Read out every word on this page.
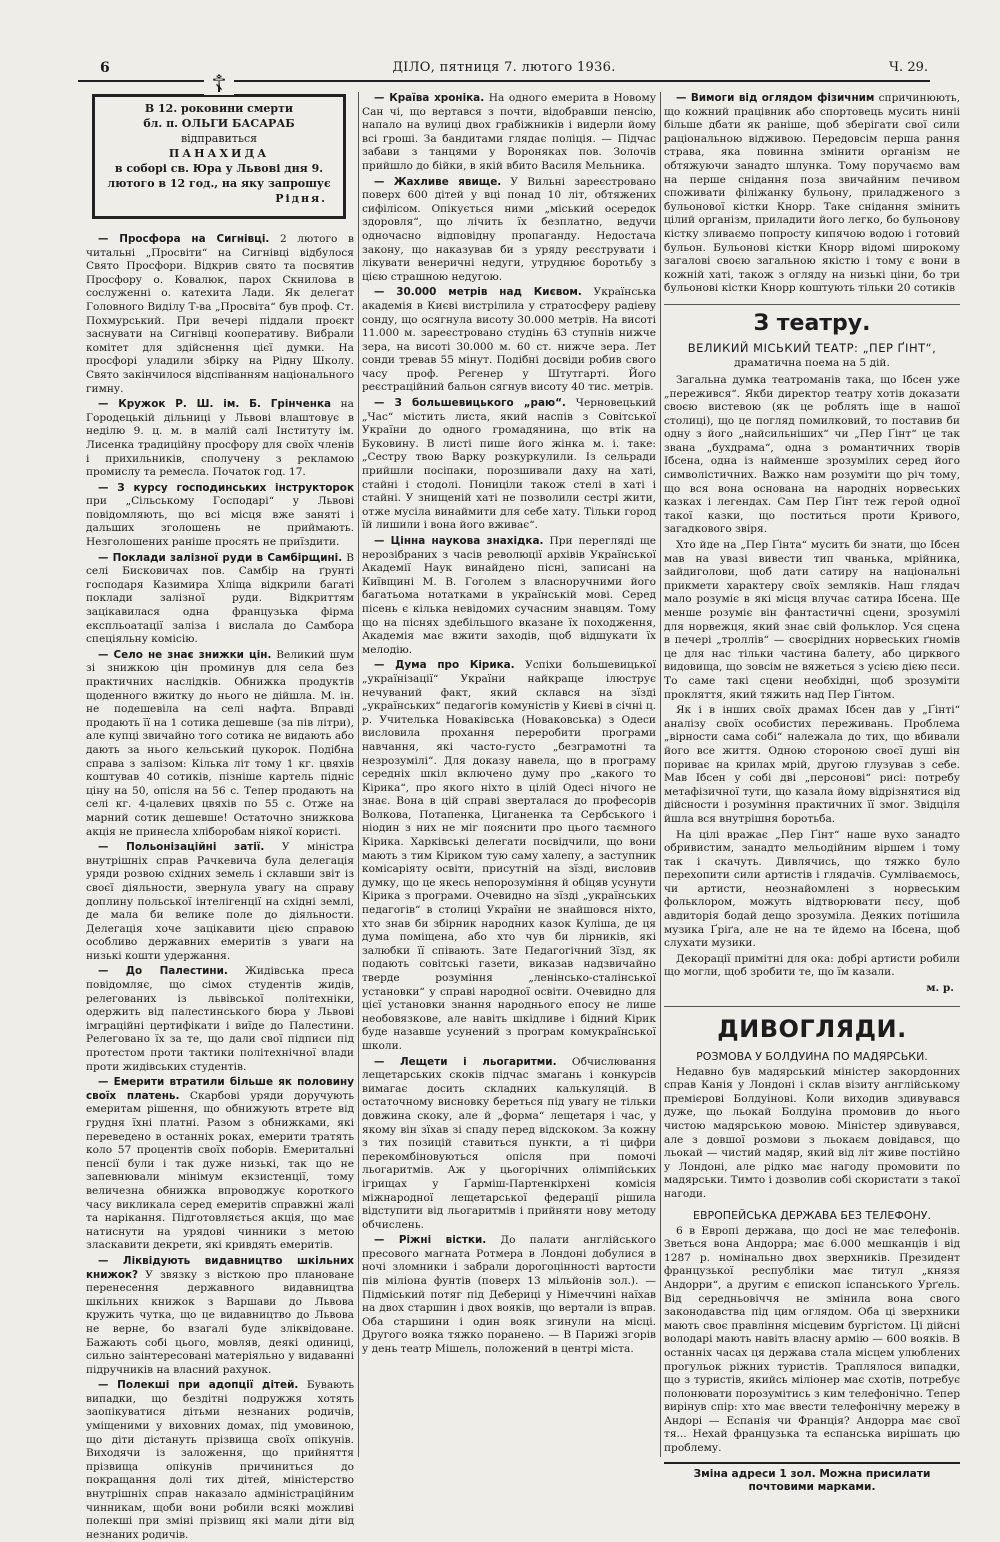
6	ДІЛО, пятниця 7. лютого 1936.	Ч. 29.
☦
В 12. роковини смерти
бл. п. ОЛЬГИ БАСАРАБ
відправиться
ПАНАХИДА
в соборі св. Юра у Львові дня 9. лютого в 12 год., на яку запрошує
Рідня.

— Просфора на Сигнівці. 2 лютого в читальні „Просвіти“ на Сигнівці відбулося Свято Просфори. Відкрив свято та посвятив Просфору о. Ковалюк, парох Скнилова в сослуженні о. катехита Лади. Як делегат Головного Виділу Т-ва „Просвіта“ був проф. Ст. Похмурський. При вечері піддали проєкт заснувати на Сигнівці кооперативу. Вибрали комітет для здійснення цієї думки. На просфорі уладили збірку на Рідну Школу. Свято закінчилося відспіванням національного гимну.

— Кружок Р. Ш. ім. Б. Грінченка на Городецькій дільниці у Львові влаштовує в неділю 9. ц. м. в малій салі Інституту ім. Лисенка традиційну просфору для своїх членів і прихильників, сполучену з рекламою промислу та ремесла. Початок год. 17.

— З курсу господинських інструкторок при „Сільському Господарі“ у Львові повідомляють, що всі місця вже заняті і дальших зголошень не приймають. Незголошених раніше просять не приїздити.

— Поклади залізної руди в Самбірщині. В селі Бисковичах пов. Самбір на ґрунті господаря Казимира Хліща відкрили багаті поклади залізної руди. Відкриттям зацікавилася одна французька фірма експльоатації заліза і вислала до Самбора спеціяльну комісію.

— Село не знає знижки цін. Великий шум зі знижкою цін проминув для села без практичних наслідків. Обнижка продуктів щоденного вжитку до нього не дійшла. М. ін. не подешевіла на селі нафта. Вправді продають її на 1 сотика дешевше (за пів літри), але купці звичайно того сотика не видають або дають за нього кельський цукорок. Подібна справа з залізом: Кілька літ тому 1 кг. цвяхів коштував 40 сотиків, пізніше картель підніс ціну на 50, опісля на 56 с. Тепер продають на селі кг. 4-цалевих цвяхів по 55 с. Отже на марний сотик дешевше! Остаточно знижкова акція не принесла хліборобам ніякої користі.

— Польонізаційні затії. У міністра внутрішніх справ Рачкевича була делегація уряди розвою східних земель і склавши звіт із своєї діяльности, звернула увагу на справу доплину польської інтелігенції на східні землі, де мала би велике поле до діяльности. Делегація хоче зацікавити цією справою особливо державних емеритів з уваги на низькі кошти удержання.

— До Палестини. Жидівська преса повідомляє, що сімох студентів жидів, релегованих із львівської політехніки, одержить від палестинського бюра у Львові імграційні цертифікати і виїде до Палестини. Релеговано їх за те, що дали свої підписи під протестом проти тактики політехнічної влади проти жидівських студентів.

— Емерити втратили більше як половину своїх платень. Скарбові уряди доручують емеритам рішення, що обнижують втрете від грудня їхні платні. Разом з обнижками, які переведено в останніх роках, емерити тратять коло 57 процентів своїх поборів. Емеритальні пенсії були і так дуже низькі, так що не запевнювали мінімум екзистенції, тому величезна обнижка впроводжує короткого часу викликала серед емеритів справжні жалі та нарікання. Підготовляється акція, що має натиснути на урядові чинники з метою зласкавити декрети, які кривдять емеритів.

— Ліквідують видавництво шкільних книжок? У звязку з вісткою про плановане перенесення державного видавництва шкільних книжок з Варшави до Львова кружить чутка, що це видавництво до Львова не верне, бо взагалі буде зліквідоване. Бажають собі цього, мовляв, деякі одиниці, сильно заінтересовані матеріяльно у видаванні підручників на власний рахунок.

— Полекші при адопції дітей. Бувають випадки, що бездітні подружжя хотять заопікуватися дітьми незнаних родичів, уміщеними у виховних домах, під умовиною, що діти дістануть прізвища своїх опікунів. Виходячи із заложення, що прийняття прізвища опікунів причиниться до покращання долі тих дітей, міністерство внутрішніх справ наказало адміністраційним чинникам, щоби вони робили всякі можливі полекші при зміні прізвищ які мали діти від незнаних родичів.

— Країва хроніка. На одного емерита в Новому Сан чі, що вертався з почти, відобравши пенсію, напало на вулиці двох грабіжників і видерли йому всі гроші. За бандитами глядає поліція. — Підчас забави з танцями у Вороняках пов. Золочів прийшло до бійки, в якій вбито Василя Мельника.

— Жахливе явище. У Вильні зареєстровано поверх 600 дітей у вці понад 10 літ, обтяжених сифілісом. Опікується ними „міський осередок здоровля“, що лічить їх безплатно, ведучи одночасно відповідну пропаганду. Недостача закону, що наказував би з уряду реєструвати і лікувати венеричні недуги, утруднює боротьбу з цією страшною недугою.

— 30.000 метрів над Києвом. Українська академія в Києві вистрілила у стратосферу радіеву сонду, що осягнула висоту 30.000 метрів. На висоті 11.000 м. зареєстровано студінь 63 ступнів нижче зера, на висоті 30.000 м. 60 ст. нижче зера. Лет сонди тревав 55 мінут. Подібні досвіди робив свого часу проф. Регенер у Штутгарті. Його реєстраційний бальон сягнув висоту 40 тис. метрів.

— З большевицького „раю“. Черновецький „Час“ містить лиcта, який наспів з Совітської України до одного громадянина, що втік на Буковину. В листі пише його жінка м. і. таке: „Сестру твою Варку розкуркулили. Із сельради прийшли посіпаки, порозшивали даху на хаті, стайні і стодолі. Пониціли також стелі в хаті і стайні. У знищеній хаті не позволили сестрі жити, отже мусіла винаймити для себе хату. Тільки город їй лишили і вона його вживає“.

— Цінна наукова знахідка. При перегляді ще нерозібраних з часів революції архівів Української Академії Наук винайдено пісні, записані на Київщині М. В. Гоголем з власноручними його багатьома нотатками в українській мові. Серед пісень є кілька невідомих сучасним знавцям. Тому що на піснях здебільшого вказане їх походження, Академія має вжити заходів, щоб відшукати їх мелодію.

— Дума про Кірика. Успіхи большевицької „українізації“ України найкраще ілюструє нечуваний факт, який склався на зїзді „українських“ педагогів комуністів у Києві в січні ц. р. Учителька Новаківська (Новаковська) з Одеси висловила прохання переробити програми навчання, які часто-густо „безграмотні та незрозумілі“. Для доказу навела, що в програму середніх шкіл включено думу про „какого то Кірика“, про якого ніхто в цілій Одесі нічого не знає. Вона в цій справі зверталася до професорів Волкова, Потапенка, Циганенка та Сербського і ніодин з них не міг пояснити про цього таємного Кірика. Харківські делегати посвідчили, що вони мають з тим Кіриком тую саму халепу, а заступник комісаріяту освіти, присутній на зїзді, висловив думку, що це якесь непорозуміння й обіцяв усунути Кірика з програми. Очевидно на зїзді „українських педагогів“ в столиці України не знайшовся ніхто, хто знав би збірник народних казок Куліша, де ця дума поміщена, або хто чув би лірників, які залюбки її співають. Зате Педагогічний Зїзд, як подають совітські газети, виказав надзвичайно тверде розуміння „ленінсько-сталінської установки“ у справі народної освіти. Очевидно для цієї установки знання народнього епосу не лише необовязкове, але навіть шкідливе і бідний Кірик буде назавше усунений з програм комукраїнської школи.

— Лещети і льогаритми. Обчислювання лещетарських скоків підчас змагань і конкурсів вимагає досить складних калькуляцій. В остаточному висновку береться під увагу не тільки довжина скоку, але й „форма“ лещетаря і час, у якому він зїхав зі спаду перед відскоком. За кожну з тих позицій ставиться пункти, а ті цифри перекомбіновуються опісля при помочі льогаритмів. Аж у цьогорічних олімпійських ігрищах у Ґарміш-Партенкірхені комісія міжнародної лещетарської федерації рішила відступити від льогаритмів і прийняти нову методу обчислень.

— Ріжні вістки. До палати англійського пресового магната Ротмера в Лондоні добулися в ночі зломники і забрали дорогоцінності вартости пів міліона фунтів (поверх 13 мільйонів зол.). — Підміський потяг під Дебериці у Німеччині наїхав на двох старшин і двох вояків, що вертали із вправ. Оба старшини і один вояк згинули на місці. Другого вояка тяжко поранено. — В Парижі згорів у день театр Мішель, положений в центрі міста.

— Вимоги від оглядом фізичним спричинюють, що кожний працівник або спортовець мусить ниніі більше дбати як раніше, щоб зберігати свої сили раціональною відживою. Передовсім перша рання страва, яка повинна змінити організм не обтяжуючи занадто шлунка. Тому поручаємо вам на перше снідання поза звичайним печивом споживати філіжанку бульону, приладженого з бульонової кістки Кнорр. Таке снідання змінить цілий організм, приладити його легко, бо бульонову кістку зливаємо попросту кипячою водою і готовий бульон. Бульонові кістки Кнорр відомі широкому загалові своєю загальною якістю і тому є вони в кожній хаті, також з огляду на низькі ціни, бо три бульонові кістки Кнорр коштують тільки 20 сотиків

З театру.
ВЕЛИКИЙ МІСЬКИЙ ТЕАТР: „ПЕР ҐІНТ“,
драматична поема на 5 дій.

Загальна думка театроманів така, що Ібсен уже „пережився“. Якби директор театру хотів доказати своєю вистевою (як це роблять іще в нашої столиці), що це погляд помилковий, то поставив би одну з його „найсильніших“ чи „Пер Ґінт“ це так звана „бухдрама“, одна з романтичних творів Ібсена, одна із найменше зрозумілих серед його символістичних. Важко нам розуміти що річ тому, що вся вона основана на народніх норвеських казках і легендах. Сам Пер Ґінт теж герой одної такої казки, що поститься проти Кривого, загадкового звіря.

Хто йде на „Пер Ґінта“ мусить би знати, що Ібсен мав на увазі вивести тип чванька, мрійника, зайдиголови, щоб дати сатиру на національні прикмети характеру своїх земляків. Наш глядач мало розуміє в які місця влучає сатира Ібсена. Ще менше розуміє він фантастичні сцени, зрозумілі для норвежця, який знає свій фольклор. Уся сцена в печері „троллів“ — своєрідних норвеських ґномів це для нас тільки частина балету, або цирквого видовища, що зовсім не вяжеться з усією дією пєси. То саме такі сцени необхідні, щоб зрозуміти прокляття, який тяжить над Пер Ґінтом.

Як і в інших своїх драмах Ібсен дав у „Ґінті“ аналізу своїх особистих переживань. Проблема „вірности сама собі“ належала до тих, що вбивали його все життя. Одною стороною своєї душі він пориває на крилах мрій, другою глузував з себе. Мав Ібсен у собі дві „персонові“ рисі: потребу метафізичної тути, що казала йому відрізнятися від дійсности і розуміння практичних її змог. Звідціля йшла вся внутрішня боротьба.

На цілі вражає „Пер Ґінт“ наше вухо занадто обривистим, занадто мельодійним віршем і тому так і скачуть. Дивлячись, що тяжко було перехопити сили артистів і глядачів. Сумліваємось, чи артисти, неознайомлені з норвеським фольклором, можуть відтворювати пєсу, щоб авдиторія бодай дещо зрозуміла. Деяких потішила музика Ґріґа, але не на те йдемо на Ібсена, щоб слухати музики.

Декорації примітні для ока: добрі артисти робили що могли, щоб зробити те, що їм казали.

м. р.
ДИВОГЛЯДИ.
РОЗМОВА У БОЛДУИНА ПО МАДЯРСЬКИ.

Недавно був мадярський міністер закордонних справ Канія у Лондоні і склав візиту англійському премієрові Болдуінові. Коли виходив здивувався дуже, що льокай Болдуіна промовив до нього чистою мадярською мовою. Міністер здивувався, але з довшої розмови з льокаєм довідався, що льокай — чистий мадяр, який від літ живе постійно у Лондоні, але рідко має нагоду промовити по мадярськи. Тимто і дозволив собі скористати з такої нагоди.

ЕВРОПЕЙСЬКА ДЕРЖАВА БЕЗ ТЕЛЕФОНУ.

6 в Европі держава, що досі не має телефонів. Зветься вона Андорра; має 6.000 мешканців і від 1287 р. номінально двох зверхників. Президент французької республіки має титул „князя Андорри“, а другим є епископ іспанського Урґель. Від середньовіччя не змінила вона свого законодавства під цим оглядом. Оба ці зверхники мають своє правління місцевим бургістом. Ці дійсні володарі мають навіть власну армію — 600 вояків. В останніх часах ця держава стала місцем улюблених прогульок ріжних туристів. Траплялося випадки, що з туристів, якийсь міліонер має схотів, потребує полонювати порозумітись з ким телефонічно. Тепер вирінув спір: хто має ввести телефонічну мережу в Андорі — Еспанія чи Франція? Андорра має свої тя... Нехай французька та еспанська вирішать цю проблему.

Зміна адреси 1 зол. Можна присилати почтовими марками.
